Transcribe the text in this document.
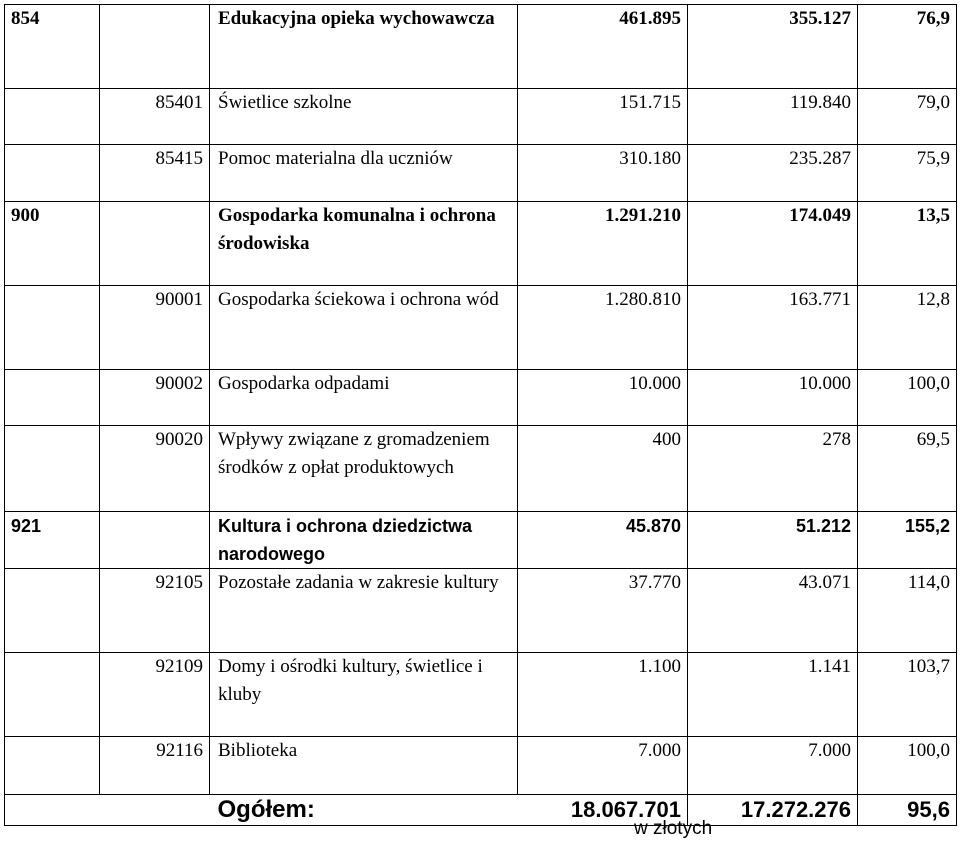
854		Edukacyjna opieka wychowawcza	461.895	355.127	76,9
	85401	Świetlice szkolne	151.715	119.840	79,0
	85415	Pomoc materialna dla uczniów	310.180	235.287	75,9
900		Gospodarka komunalna i ochrona środowiska	1.291.210	174.049	13,5
	90001	Gospodarka ściekowa i ochrona wód	1.280.810	163.771	12,8
	90002	Gospodarka odpadami	10.000	10.000	100,0
	90020	Wpływy związane z gromadzeniem środków z opłat produktowych	400	278	69,5
921		Kultura i ochrona dziedzictwa narodowego	45.870	51.212	155,2
	92105	Pozostałe zadania w zakresie kultury	37.770	43.071	114,0
	92109	Domy i ośrodki kultury, świetlice i kluby	1.100	1.141	103,7
	92116	Biblioteka	7.000	7.000	100,0
		Ogółem:	18.067.701	17.272.276	95,6
w złotych
